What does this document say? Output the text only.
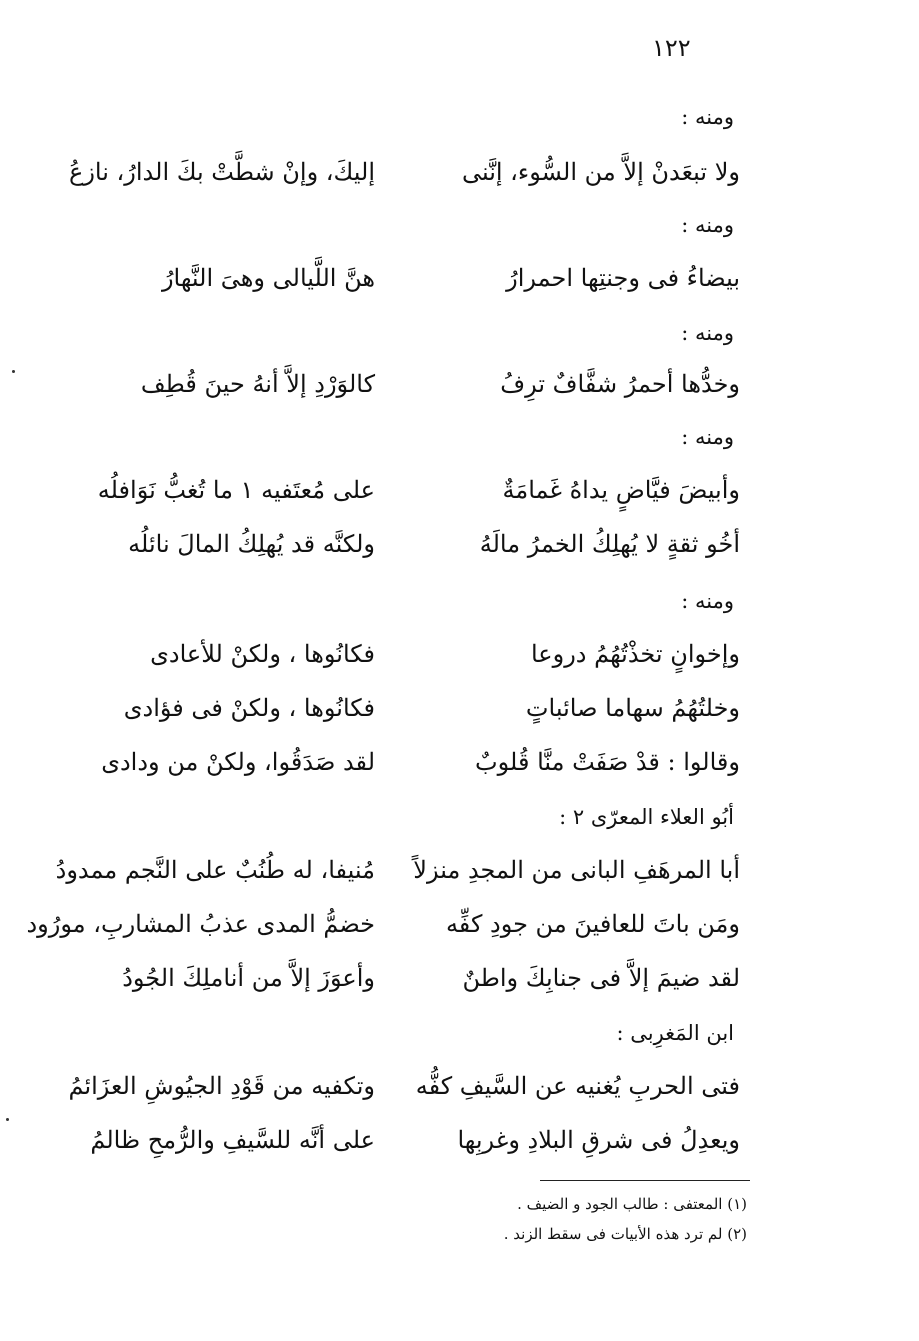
١٢٢
ومنه :
ولا تبعَدنْ إلاَّ من السُّوء، إنَّنى
إليكَ، وإنْ شطَّتْ بكَ الدارُ، نازعُ
ومنه :
بيضاءُ فى وجنتِها احمرارُ
هنَّ اللَّيالى وهىَ النَّهارُ
ومنه :
وخدُّها أحمرُ شفَّافٌ ترِفُ
كالوَرْدِ إلاَّ أنهُ حينَ قُطِف
ومنه :
وأبيضَ فيَّاضٍ يداهُ غَمامَةٌ
على مُعتَفيه ١ ما تُغبُّ نَوَافلُه
أخُو ثقةٍ لا يُهلِكُ الخمرُ مالَهُ
ولكنَّه قد يُهلِكُ المالَ نائلُه
ومنه :
وإخوانٍ تخذْتُهُمُ دروعا
فكانُوها ، ولكنْ للأعادى
وخلتُهُمُ سهاما صائباتٍ
فكانُوها ، ولكنْ فى فؤادى
وقالوا : قدْ صَفَتْ منَّا قُلوبٌ
لقد صَدَقُوا، ولكنْ من ودادى
أبُو العلاء المعرّى ٢ :
أبا المرهَفِ البانى من المجدِ منزلاً
مُنيفا، له طُنُبٌ على النَّجم ممدودُ
ومَن باتَ للعافينَ من جودِ كفِّه
خضمُّ المدى عذبُ المشاربِ، مورُود
لقد ضيمَ إلاَّ فى جنابِكَ واطنٌ
وأعوَزَ إلاَّ من أناملِكَ الجُودُ
ابن المَغرِبى :
فتى الحربِ يُغنيه عن السَّيفِ كفُّه
وتكفيه من قَوْدِ الجيُوشِ العزَائمُ
ويعدِلُ فى شرقِ البلادِ وغربِها
على أنَّه للسَّيفِ والرُّمحِ ظالمُ
(١) المعتفى : طالب الجود و الضيف .
(٢) لم ترد هذه الأبيات فى سقط الزند .
